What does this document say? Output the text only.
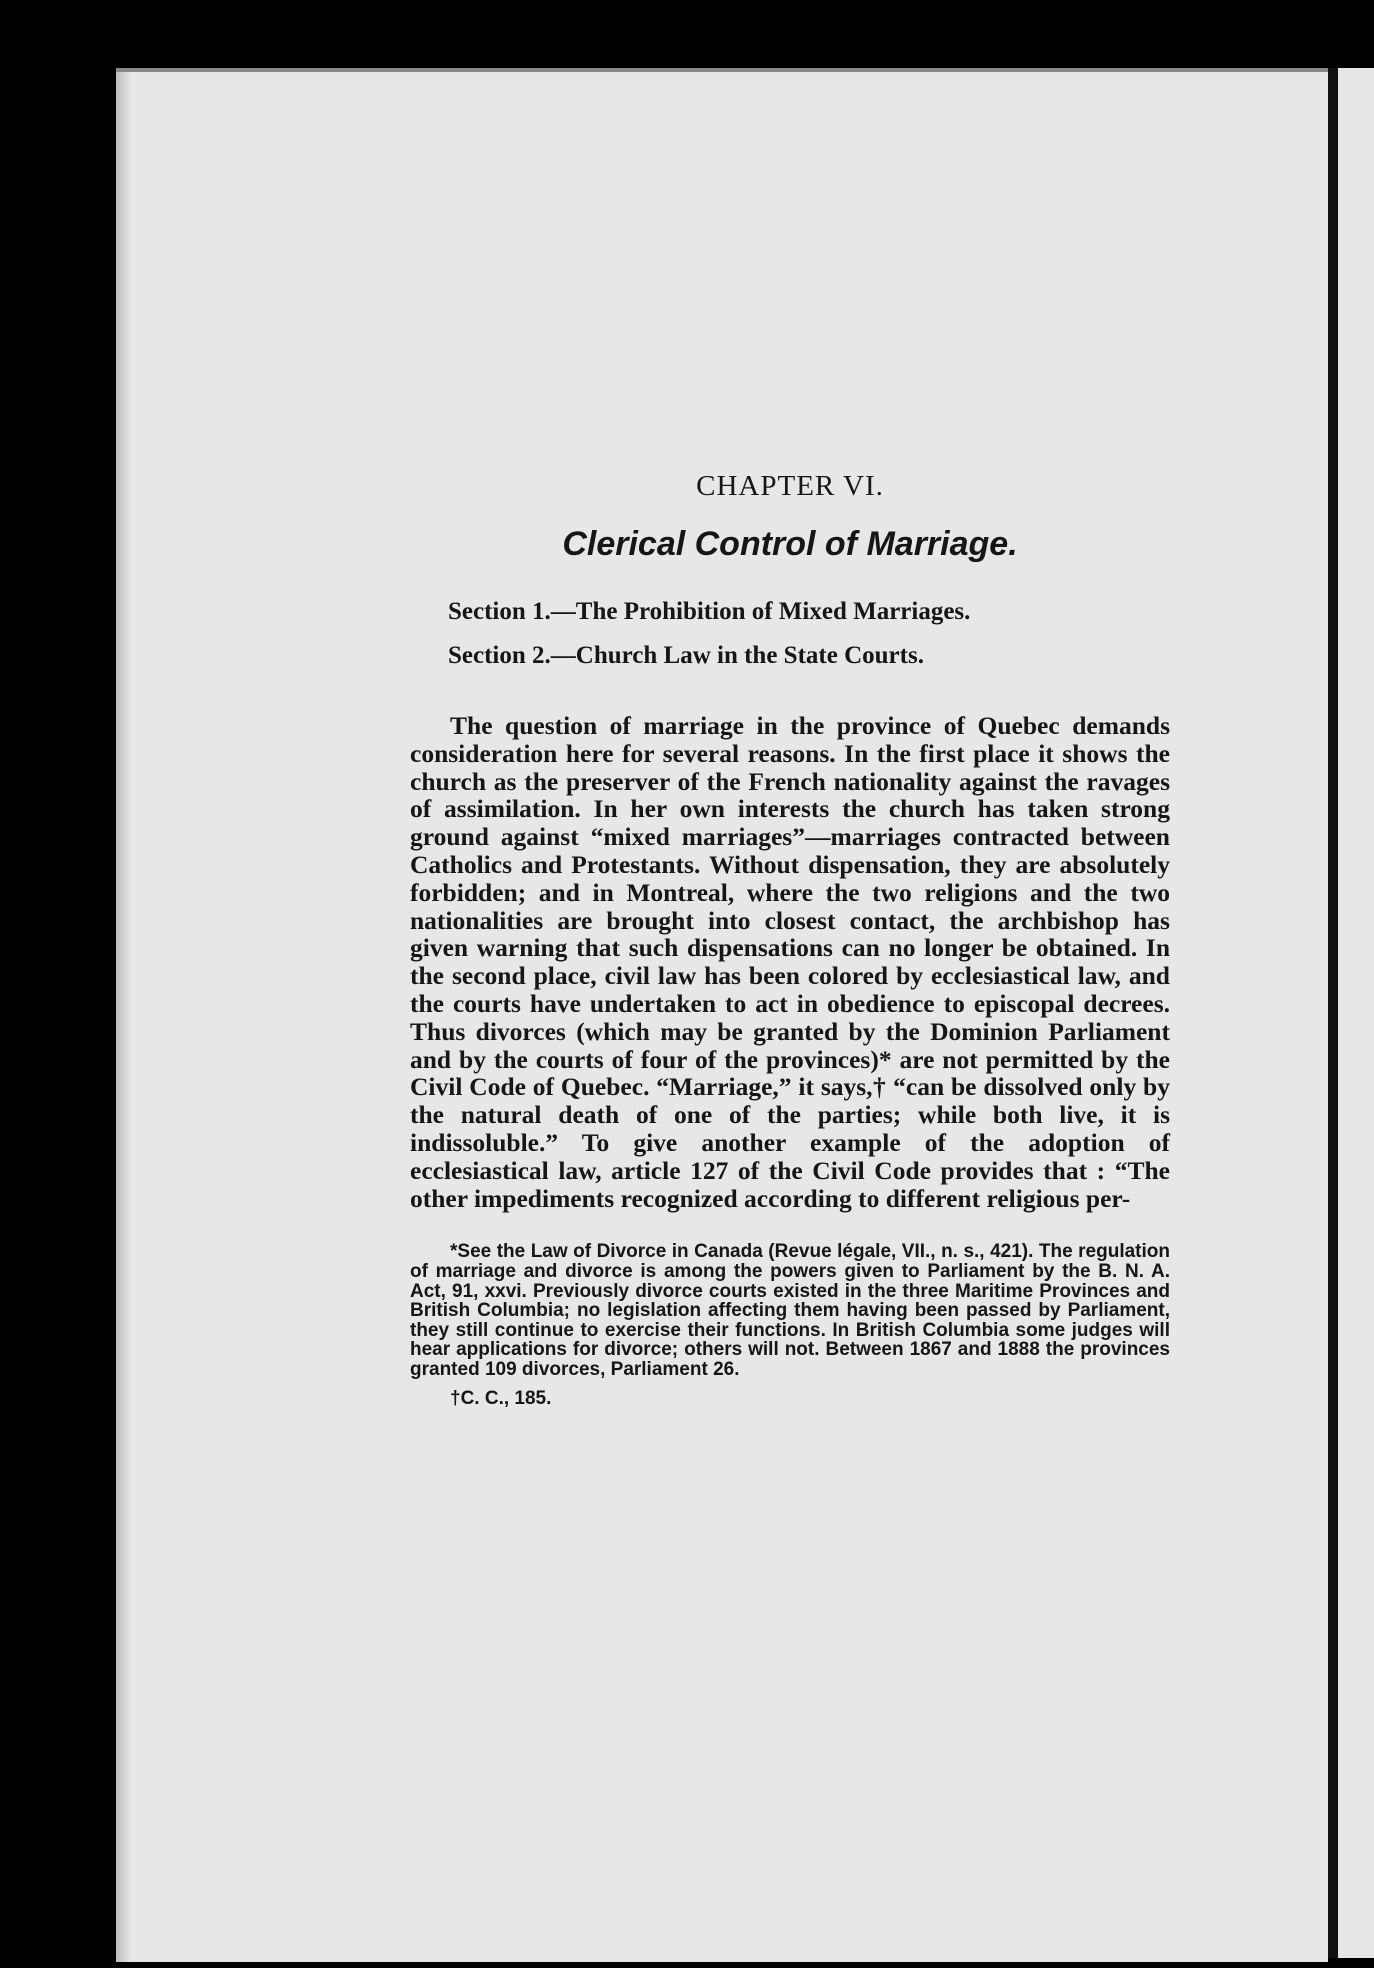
CHAPTER VI.
Clerical Control of Marriage.
Section 1.—The Prohibition of Mixed Marriages.
Section 2.—Church Law in the State Courts.

The question of marriage in the province of Quebec demands consideration here for several reasons. In the first place it shows the church as the preserver of the French nationality against the ravages of assimilation. In her own interests the church has taken strong ground against “mixed marriages”—marriages contracted between Catholics and Protestants. Without dispensation, they are absolutely forbidden; and in Montreal, where the two religions and the two nationalities are brought into closest contact, the archbishop has given warning that such dispensations can no longer be obtained. In the second place, civil law has been colored by ecclesiastical law, and the courts have undertaken to act in obedience to episcopal decrees. Thus divorces (which may be granted by the Dominion Parliament and by the courts of four of the provinces)* are not permitted by the Civil Code of Quebec. “Marriage,” it says,† “can be dissolved only by the natural death of one of the parties; while both live, it is indissoluble.” To give another example of the adoption of ecclesiastical law, article 127 of the Civil Code provides that : “The other impediments recognized according to different religious per-

*See the Law of Divorce in Canada (Revue légale, VII., n. s., 421). The regulation of marriage and divorce is among the powers given to Parliament by the B. N. A. Act, 91, xxvi. Previously divorce courts existed in the three Maritime Provinces and British Columbia; no legislation affecting them having been passed by Parliament, they still continue to exercise their functions. In British Columbia some judges will hear applications for divorce; others will not. Between 1867 and 1888 the provinces granted 109 divorces, Parliament 26.

†C. C., 185.
